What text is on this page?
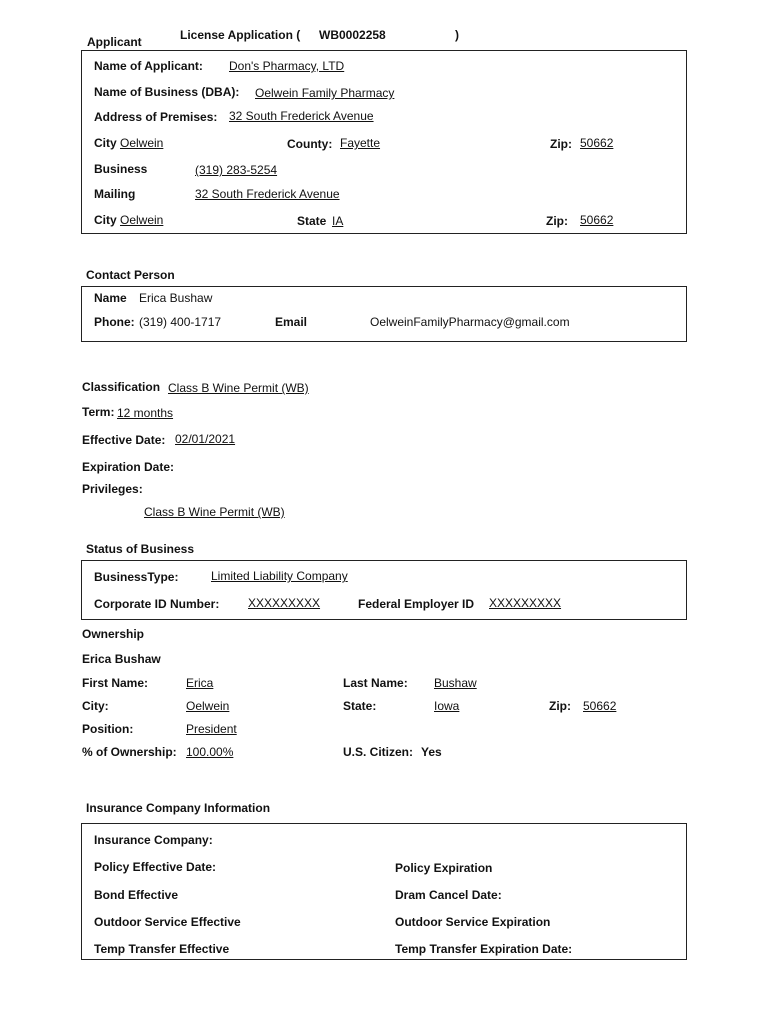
Applicant	License Application ( WB0002258	)
Name of Applicant: Don's Pharmacy, LTD
Name of Business (DBA): Oelwein Family Pharmacy
Address of Premises: 32 South Frederick Avenue
City Oelwein	County: Fayette	Zip: 50662
Business	(319) 283-5254
Mailing	32 South Frederick Avenue
City Oelwein	State IA	Zip: 50662
Contact Person
Name Erica Bushaw
Phone: (319) 400-1717	Email	OelweinFamilyPharmacy@gmail.com
Classification Class B Wine Permit (WB)
Term: 12 months
Effective Date: 02/01/2021
Expiration Date:
Privileges:
Class B Wine Permit (WB)
Status of Business
BusinessType:	Limited Liability Company
Corporate ID Number: XXXXXXXXX	Federal Employer ID XXXXXXXXX
Ownership
Erica Bushaw
First Name:	Erica	Last Name: Bushaw
City:	Oelwein	State:	Iowa	Zip: 50662
Position:	President
% of Ownership: 100.00%	U.S. Citizen: Yes
Insurance Company Information
Insurance Company:
Policy Effective Date:	Policy Expiration
Bond Effective	Dram Cancel Date:
Outdoor Service Effective	Outdoor Service Expiration
Temp Transfer Effective	Temp Transfer Expiration Date:
